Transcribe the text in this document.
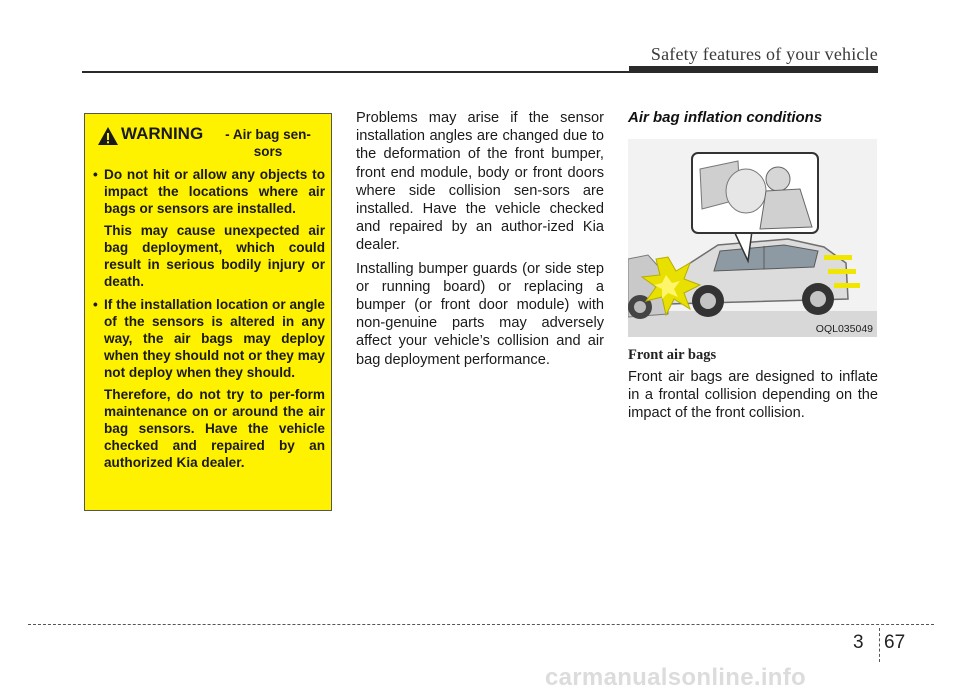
Safety features of your vehicle
WARNING	- Air bag sen-sors
• Do not hit or allow any objects to impact the locations where air bags or sensors are installed.

This may cause unexpected air bag deployment, which could result in serious bodily injury or death.

• If the installation location or angle of the sensors is altered in any way, the air bags may deploy when they should not or they may not deploy when they should.

Therefore, do not try to per-form maintenance on or around the air bag sensors. Have the vehicle checked and repaired by an authorized Kia dealer.

Problems may arise if the sensor installation angles are changed due to the deformation of the front bumper, front end module, body or front doors where side collision sen-sors are installed. Have the vehicle checked and repaired by an author-ized Kia dealer.

Installing bumper guards (or side step or running board) or replacing a bumper (or front door module) with non-genuine parts may adversely affect your vehicle’s collision and air bag deployment performance.

Air bag inflation conditions
OQL035049
Front air bags

Front air bags are designed to inflate in a frontal collision depending on the impact of the front collision.

3 67
carmanualsonline.info
